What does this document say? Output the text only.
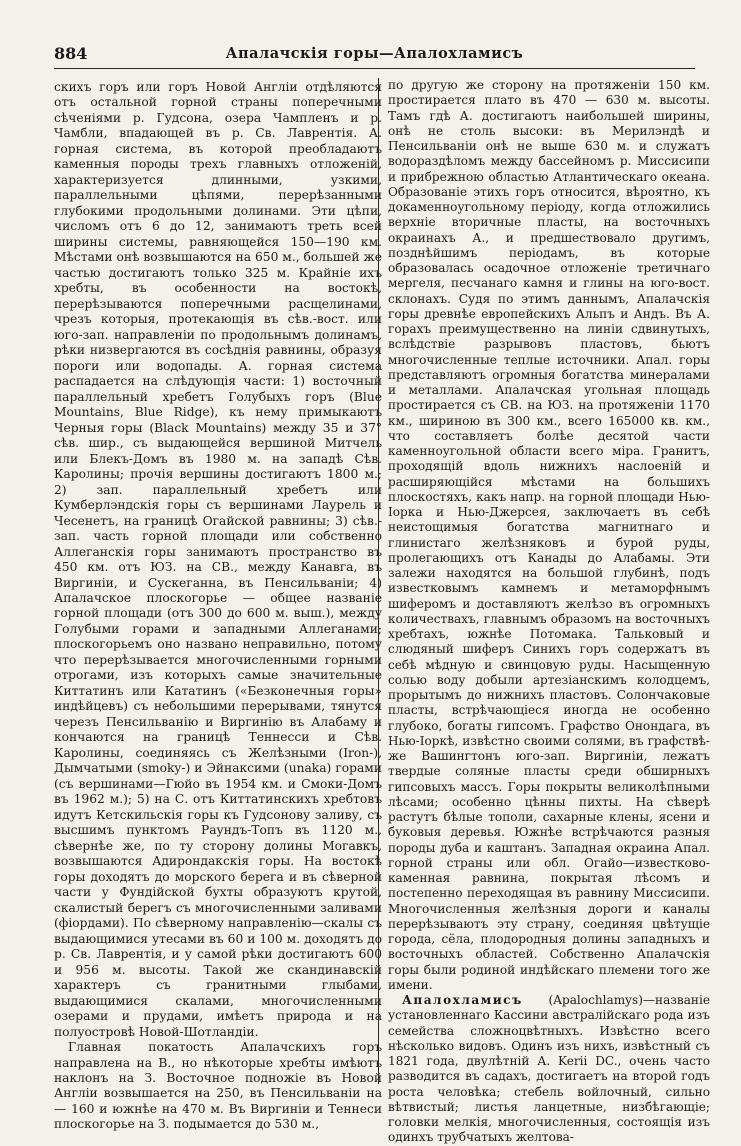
884	Апалачскія горы—Апалохламисъ

скихъ горъ или горъ Новой Англіи отдѣляются отъ остальной горной страны поперечными сѣченіями р. Гудсона, озера Чампленъ и р. Чамбли, впадающей въ р. Св. Лаврентія. А. горная система, въ которой преобладаютъ каменныя породы трехъ главныхъ отложеній, характеризуется длинными, узкими, параллельными цѣпями, перерѣзанными глубокими продольными долинами. Эти цѣпи, числомъ отъ 6 до 12, занимаютъ треть всей ширины системы, равняющейся 150—190 км. Мѣстами онѣ возвышаются на 650 м., большей же частью достигаютъ только 325 м. Крайніе ихъ хребты, въ особенности на востокѣ, перерѣзываются поперечными расщелинами, чрезъ которыя, протекающія въ сѣв.-вост. или юго-зап. направленіи по продольнымъ долинамъ, рѣки низвергаются въ сосѣднія равнины, образуя пороги или водопады. А. горная система распадается на слѣдующія части: 1) восточный параллельный хребетъ Голубыхъ горъ (Blue Mountains, Blue Ridge), къ нему примыкаютъ Черныя горы (Black Mountains) между 35 и 37° сѣв. шир., съ выдающейся вершиной Митчель или Блекъ-Домъ въ 1980 м. на западѣ Сѣв. Каролины; прочія вершины достигаютъ 1800 м.; 2) зап. параллельный хребетъ или Кумберлэндскія горы съ вершинами Лаурель и Чесенетъ, на границѣ Огайской равнины; 3) сѣв.-зап. часть горной площади или собственно Аллеганскія горы занимаютъ пространство въ 450 км. отъ ЮЗ. на СВ., между Канавга, въ Виргиніи, и Сускеганна, въ Пенсильваніи; 4) Апалачское плоскогорье — общее названіе горной площади (отъ 300 до 600 м. выш.), между Голубыми горами и западными Аллеганами; плоскогорьемъ оно названо неправильно, потому что перерѣзывается многочисленными горными отрогами, изъ которыхъ самые значительные Киттатинъ или Кататинъ («Безконечныя горы» индѣйцевъ) съ небольшими перерывами, тянутся черезъ Пенсильванію и Виргинію въ Алабаму и кончаются на границѣ Теннесси и Сѣв. Каролины, соединяясь съ Желѣзными (Iron-), Дымчатыми (smoky-) и Эйнаксими (unaka) горами (съ вершинами—Гюйо въ 1954 км. и Смоки-Домъ въ 1962 м.); 5) на С. отъ Киттатинскихъ хребтовъ идутъ Кетскильскія горы къ Гудсонову заливу, съ высшимъ пунктомъ Раундъ-Топъ въ 1120 м., сѣвернѣе же, по ту сторону долины Могавкъ, возвышаются Адирондакскія горы. На востокѣ горы доходятъ до морского берега и въ сѣверной части у Фундійской бухты образуютъ крутой, скалистый берегъ съ многочисленными заливами (фіордами). По сѣверному направленію—скалы съ выдающимися утесами въ 60 и 100 м. доходятъ до р. Св. Лаврентія, и у самой рѣки достигаютъ 600 и 956 м. высоты. Такой же скандинавскій характеръ съ гранитными глыбами, выдающимися скалами, многочисленными озерами и прудами, имѣетъ природа и на полуостровѣ Новой-Шотландіи.

Главная покатость Апалачскихъ горъ направлена на В., но нѣкоторые хребты имѣютъ наклонъ на З. Восточное подножіе въ Новой Англіи возвышается на 250, въ Пенсильваніи на — 160 и южнѣе на 470 м. Въ Виргиніи и Теннеси плоскогорье на З. подымается до 530 м.,

по другую же сторону на протяженіи 150 км. простирается плато въ 470 — 630 м. высоты. Тамъ гдѣ А. достигаютъ наибольшей ширины, онѣ не столь высоки: въ Мерилэндѣ и Пенсильваніи онѣ не выше 630 м. и служатъ водораздѣломъ между бассейномъ р. Миссисипи и прибрежною областью Атлантическаго океана. Образованіе этихъ горъ относится, вѣроятно, къ докаменноугольному періоду, когда отложились верхніе вторичные пласты, на восточныхъ окраинахъ А., и предшествовало другимъ, позднѣйшимъ періодамъ, въ которые образовалась осадочное отложеніе третичнаго мергеля, песчанаго камня и глины на юго-вост. склонахъ. Судя по этимъ даннымъ, Апалачскія горы древнѣе европейскихъ Альпъ и Андъ. Въ А. горахъ преимущественно на линіи сдвинутыхъ, вслѣдствіе разрывовъ пластовъ, бьютъ многочисленные теплые источники. Апал. горы представляютъ огромныя богатства минералами и металлами. Апалачская угольная площадь простирается съ СВ. на ЮЗ. на протяженіи 1170 км., шириною въ 300 км., всего 165000 кв. км., что составляетъ болѣе десятой части каменноугольной области всего міра. Гранитъ, проходящій вдоль нижнихъ наслоеній и расширяющійся мѣстами на большихъ плоскостяхъ, какъ напр. на горной площади Нью-Іорка и Нью-Джерсея, заключаетъ въ себѣ неистощимыя богатства магнитнаго и глинистаго желѣзняковъ и бурой руды, пролегающихъ отъ Канады до Алабамы. Эти залежи находятся на большой глубинѣ, подъ известковымъ камнемъ и метаморфнымъ шиферомъ и доставляютъ желѣзо въ огромныхъ количествахъ, главнымъ образомъ на восточныхъ хребтахъ, южнѣе Потомака. Тальковый и слюдяный шиферъ Синихъ горъ содержатъ въ себѣ мѣдную и свинцовую руды. Насыщенную солью воду добыли артезіанскимъ колодцемъ, прорытымъ до нижнихъ пластовъ. Солончаковые пласты, встрѣчающіеся иногда не особенно глубоко, богаты гипсомъ. Графство Онондага, въ Нью-Іоркѣ, извѣстно своими солями, въ графствѣ-же Вашингтонъ юго-зап. Виргиніи, лежатъ твердые соляные пласты среди обширныхъ гипсовыхъ массъ. Горы покрыты великолѣпными лѣсами; особенно цѣнны пихты. На сѣверѣ растутъ бѣлые тополи, сахарные клены, ясени и буковыя деревья. Южнѣе встрѣчаются разныя породы дуба и каштанъ. Западная окраина Апал. горной страны или обл. Огайо—известково-каменная равнина, покрытая лѣсомъ и постепенно переходящая въ равнину Миссисипи. Многочисленныя желѣзныя дороги и каналы перерѣзываютъ эту страну, соединяя цвѣтущіе города, сёла, плодородныя долины западныхъ и восточныхъ областей. Собственно Апалачскія горы были родиной индѣйскаго племени того же имени.

Апалохламисъ (Apalochlamys)—названіе установленнаго Кассини австралійскаго рода изъ семейства сложноцвѣтныхъ. Извѣстно всего нѣсколько видовъ. Одинъ изъ нихъ, извѣстный съ 1821 года, двулѣтній А. Kerii DC., очень часто разводится въ садахъ, достигаетъ на второй годъ роста человѣка; стебель войлочный, сильно вѣтвистый; листья ланцетные, низбѣгающіе; головки мелкія, многочисленныя, состоящія изъ одинхъ трубчатыхъ желтова-
